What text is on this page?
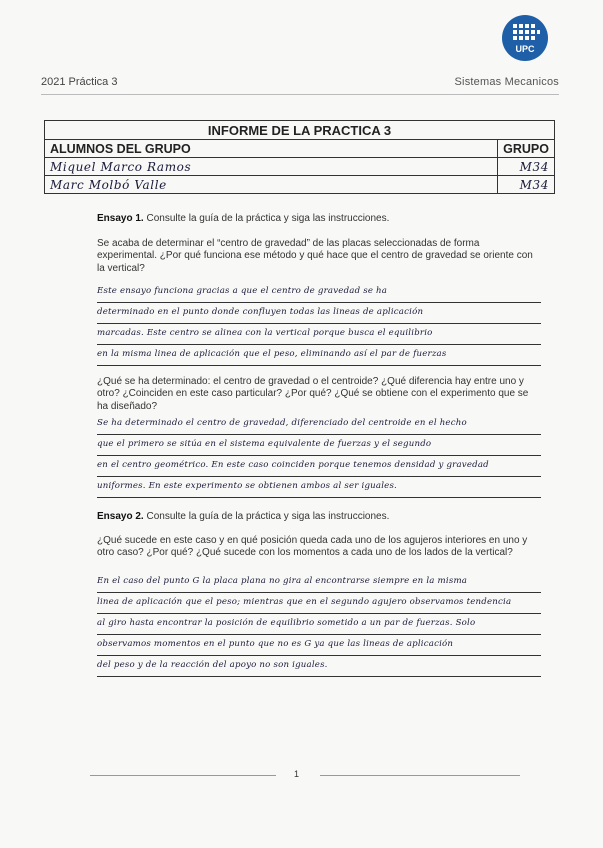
UPC
2021 Práctica 3	Sistemas Mecanicos
INFORME DE LA PRACTICA 3	
ALUMNOS DEL GRUPO	GRUPO
Miquel Marco Ramos	M34
Marc Molbó Valle	M34
Ensayo 1. Consulte la guía de la práctica y siga las instrucciones.
Se acaba de determinar el “centro de gravedad” de las placas seleccionadas de forma experimental. ¿Por qué funciona ese método y qué hace que el centro de gravedad se oriente con la vertical?
Este ensayo funciona gracias a que el centro de gravedad se ha
determinado en el punto donde confluyen todas las lineas de aplicación
marcadas. Este centro se alinea con la vertical porque busca el equilibrio
en la misma linea de aplicación que el peso, eliminando así el par de fuerzas
¿Qué se ha determinado: el centro de gravedad o el centroide? ¿Qué diferencia hay entre uno y otro? ¿Coinciden en este caso particular? ¿Por qué? ¿Qué se obtiene con el experimento que se ha diseñado?
Se ha determinado el centro de gravedad, diferenciado del centroide en el hecho
que el primero se sitúa en el sistema equivalente de fuerzas y el segundo
en el centro geométrico. En este caso coinciden porque tenemos densidad y gravedad
uniformes. En este experimento se obtienen ambos al ser iguales.
Ensayo 2. Consulte la guía de la práctica y siga las instrucciones.
¿Qué sucede en este caso y en qué posición queda cada uno de los agujeros interiores en uno y otro caso? ¿Por qué? ¿Qué sucede con los momentos a cada uno de los lados de la vertical?
En el caso del punto G la placa plana no gira al encontrarse siempre en la misma
linea de aplicación que el peso; mientras que en el segundo agujero observamos tendencia
al giro hasta encontrar la posición de equilibrio sometido a un par de fuerzas. Solo
observamos momentos en el punto que no es G ya que las lineas de aplicación
del peso y de la reacción del apoyo no son iguales.
1
